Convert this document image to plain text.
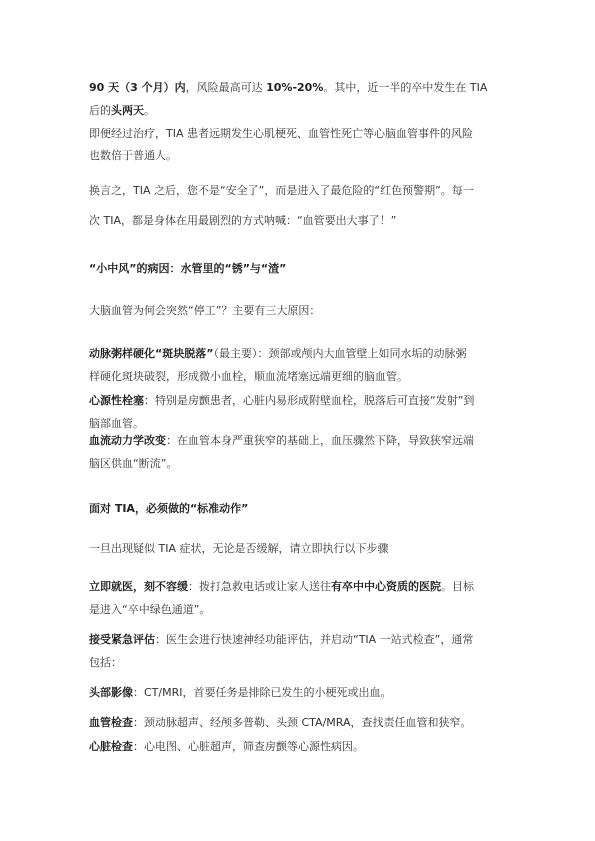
90 天（3 个月）内，风险最高可达 10%-20%。其中，近一半的卒中发生在 TIA
后的头两天。
即便经过治疗，TIA 患者远期发生心肌梗死、血管性死亡等心脑血管事件的风险
也数倍于普通人。
换言之，TIA 之后，您不是“安全了”，而是进入了最危险的“红色预警期”。每一
次 TIA，都是身体在用最剧烈的方式呐喊：“血管要出大事了！”
“小中风”的病因：水管里的“锈”与“渣”
大脑血管为何会突然“停工”？主要有三大原因：
动脉粥样硬化“斑块脱落”（最主要）：颈部或颅内大血管壁上如同水垢的动脉粥
样硬化斑块破裂，形成微小血栓，顺血流堵塞远端更细的脑血管。
心源性栓塞：特别是房颤患者，心脏内易形成附壁血栓，脱落后可直接“发射”到
脑部血管。
血流动力学改变：在血管本身严重狭窄的基础上，血压骤然下降，导致狭窄远端
脑区供血“断流”。
面对 TIA，必须做的“标准动作”
一旦出现疑似 TIA 症状，无论是否缓解，请立即执行以下步骤
立即就医，刻不容缓：拨打急救电话或让家人送往有卒中中心资质的医院。目标
是进入“卒中绿色通道”。
接受紧急评估：医生会进行快速神经功能评估，并启动“TIA 一站式检查”，通常
包括：
头部影像：CT/MRI，首要任务是排除已发生的小梗死或出血。
血管检查：颈动脉超声、经颅多普勒、头颈 CTA/MRA，查找责任血管和狭窄。
心脏检查：心电图、心脏超声，筛查房颤等心源性病因。
